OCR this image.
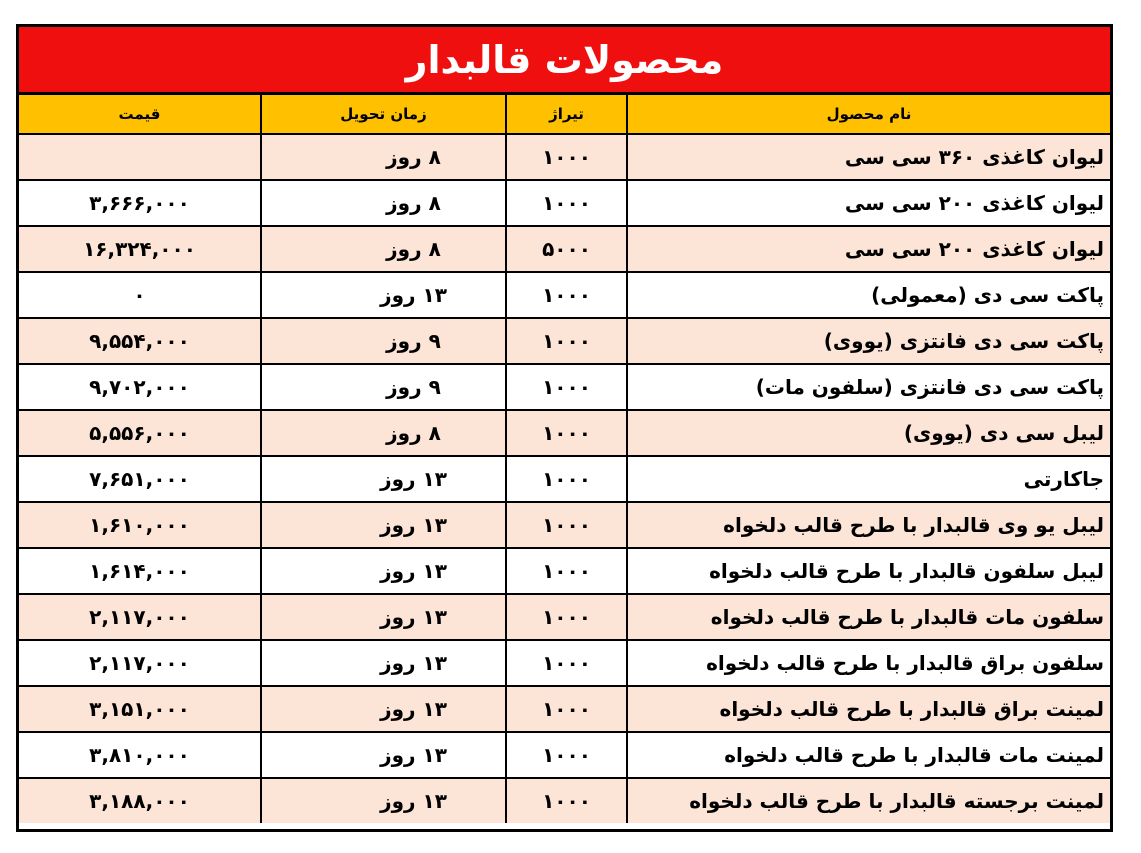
محصولات قالبدار
نام محصول	تیراژ	زمان تحویل	قیمت
لیوان کاغذی ۳۶۰ سی سی	۱۰۰۰	۸ روز	
لیوان کاغذی ۲۰۰ سی سی	۱۰۰۰	۸ روز	۳,۶۶۶,۰۰۰
لیوان کاغذی ۲۰۰ سی سی	۵۰۰۰	۸ روز	۱۶,۳۲۴,۰۰۰
پاکت سی دی (معمولی)	۱۰۰۰	۱۳ روز	۰
پاکت سی دی فانتزی (یووی)	۱۰۰۰	۹ روز	۹,۵۵۴,۰۰۰
پاکت سی دی فانتزی (سلفون مات)	۱۰۰۰	۹ روز	۹,۷۰۲,۰۰۰
لیبل سی دی (یووی)	۱۰۰۰	۸ روز	۵,۵۵۶,۰۰۰
جاکارتی	۱۰۰۰	۱۳ روز	۷,۶۵۱,۰۰۰
لیبل یو وی قالبدار با طرح قالب دلخواه	۱۰۰۰	۱۳ روز	۱,۶۱۰,۰۰۰
لیبل سلفون قالبدار با طرح قالب دلخواه	۱۰۰۰	۱۳ روز	۱,۶۱۴,۰۰۰
سلفون مات قالبدار با طرح قالب دلخواه	۱۰۰۰	۱۳ روز	۲,۱۱۷,۰۰۰
سلفون براق قالبدار با طرح قالب دلخواه	۱۰۰۰	۱۳ روز	۲,۱۱۷,۰۰۰
لمینت براق قالبدار با طرح قالب دلخواه	۱۰۰۰	۱۳ روز	۳,۱۵۱,۰۰۰
لمینت مات قالبدار با طرح قالب دلخواه	۱۰۰۰	۱۳ روز	۳,۸۱۰,۰۰۰
لمینت برجسته قالبدار با طرح قالب دلخواه	۱۰۰۰	۱۳ روز	۳,۱۸۸,۰۰۰
